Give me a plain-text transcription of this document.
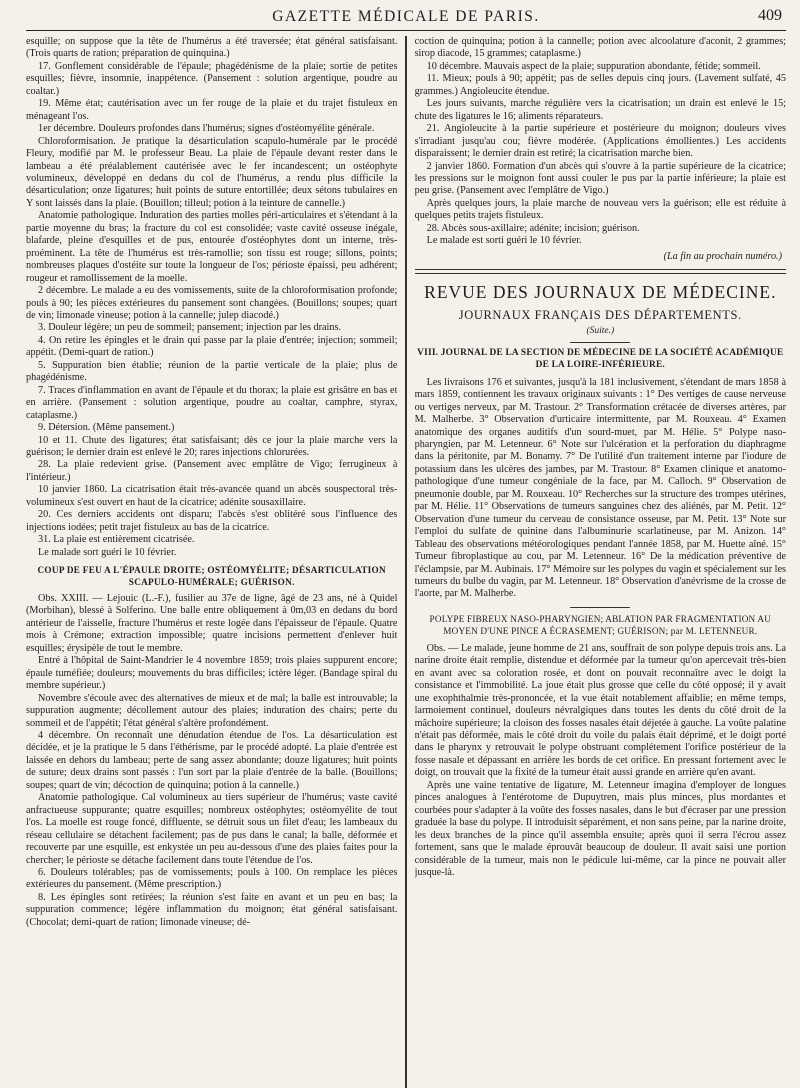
GAZETTE MÉDICALE DE PARIS.	409

esquille; on suppose que la tête de l'humérus a été traversée; état général satisfaisant. (Trois quarts de ration; préparation de quinquina.)

17. Gonflement considérable de l'épaule; phagédénisme de la plaie; sortie de petites esquilles; fièvre, insomnie, inappétence. (Pansement : solution argentique, poudre au coaltar.)

19. Même état; cautérisation avec un fer rouge de la plaie et du trajet fistuleux en ménageant l'os.

1er décembre. Douleurs profondes dans l'humérus; signes d'ostéomyélite générale.

Chloroformisation. Je pratique la désarticulation scapulo-humérale par le procédé Fleury, modifié par M. le professeur Beau. La plaie de l'épaule devant rester dans le lambeau a été préalablement cautérisée avec le fer incandescent; un ostéophyte volumineux, développé en dedans du col de l'humérus, a rendu plus difficile la désarticulation; onze ligatures; huit points de suture entortillée; deux sétons tubulaires en Y sont laissés dans la plaie. (Bouillon; tilleul; potion à la teinture de cannelle.)

Anatomie pathologique. Induration des parties molles péri-articulaires et s'étendant à la partie moyenne du bras; la fracture du col est consolidée; vaste cavité osseuse inégale, blafarde, pleine d'esquilles et de pus, entourée d'ostéophytes dont un interne, très-proéminent. La tête de l'humérus est très-ramollie; son tissu est rouge; sillons, points; nombreuses plaques d'ostéite sur toute la longueur de l'os; périoste épaissi, peu adhérent; rougeur et ramollissement de la moelle.

2 décembre. Le malade a eu des vomissements, suite de la chloroformisation profonde; pouls à 90; les pièces extérieures du pansement sont changées. (Bouillons; soupes; quart de vin; limonade vineuse; potion à la cannelle; julep diacodé.)

3. Douleur légère; un peu de sommeil; pansement; injection par les drains.

4. On retire les épingles et le drain qui passe par la plaie d'entrée; injection; sommeil; appétit. (Demi-quart de ration.)

5. Suppuration bien établie; réunion de la partie verticale de la plaie; plus de phagédénisme.

7. Traces d'inflammation en avant de l'épaule et du thorax; la plaie est grisâtre en bas et en arrière. (Pansement : solution argentique, poudre au coaltar, camphre, styrax, cataplasme.)

9. Détersion. (Même pansement.)

10 et 11. Chute des ligatures; état satisfaisant; dès ce jour la plaie marche vers la guérison; le dernier drain est enlevé le 20; rares injections chlorurées.

28. La plaie redevient grise. (Pansement avec emplâtre de Vigo; ferrugineux à l'intérieur.)

10 janvier 1860. La cicatrisation était très-avancée quand un abcès souspectoral très-volumineux s'est ouvert en haut de la cicatrice; adénite sousaxillaire.

20. Ces derniers accidents ont disparu; l'abcès s'est oblitéré sous l'influence des injections iodées; petit trajet fistuleux au bas de la cicatrice.

31. La plaie est entièrement cicatrisée.

Le malade sort guéri le 10 février.

COUP DE FEU A L'ÉPAULE DROITE; OSTÉOMYÉLITE; DÉSARTICULATION SCAPULO-HUMÉRALE; GUÉRISON.

Obs. XXIII. — Lejouic (L.-F.), fusilier au 37e de ligne, âgé de 23 ans, né à Quidel (Morbihan), blessé à Solferino. Une balle entre obliquement à 0m,03 en dedans du bord antérieur de l'aisselle, fracture l'humérus et reste logée dans l'épaisseur de l'épaule. Quatre mois à Crémone; extraction impossible; quatre incisions permettent d'enlever huit esquilles; érysipèle de tout le membre.

Entré à l'hôpital de Saint-Mandrier le 4 novembre 1859; trois plaies suppurent encore; épaule tuméfiée; douleurs; mouvements du bras difficiles; ictère léger. (Bandage spiral du membre supérieur.)

Novembre s'écoule avec des alternatives de mieux et de mal; la balle est introuvable; la suppuration augmente; décollement autour des plaies; induration des chairs; perte du sommeil et de l'appétit; l'état général s'altère profondément.

4 décembre. On reconnaît une dénudation étendue de l'os. La désarticulation est décidée, et je la pratique le 5 dans l'éthérisme, par le procédé adopté. La plaie d'entrée est laissée en dehors du lambeau; perte de sang assez abondante; douze ligatures; huit points de suture; deux drains sont passés : l'un sort par la plaie d'entrée de la balle. (Bouillons; soupes; quart de vin; décoction de quinquina; potion à la cannelle.)

Anatomie pathologique. Cal volumineux au tiers supérieur de l'humérus; vaste cavité anfractueuse suppurante; quatre esquilles; nombreux ostéophytes; ostéomyélite de tout l'os. La moelle est rouge foncé, diffluente, se détruit sous un filet d'eau; les lambeaux du réseau cellulaire se détachent facilement; pas de pus dans le canal; la balle, déformée et recouverte par une esquille, est enkystée un peu au-dessous d'une des plaies faites pour la chercher; le périoste se détache facilement dans toute l'étendue de l'os.

6. Douleurs tolérables; pas de vomissements; pouls à 100. On remplace les pièces extérieures du pansement. (Même prescription.)

8. Les épingles sont retirées; la réunion s'est faite en avant et un peu en bas; la suppuration commence; légère inflammation du moignon; état général satisfaisant. (Chocolat; demi-quart de ration; limonade vineuse; dé-

coction de quinquina; potion à la cannelle; potion avec alcoolature d'aconit, 2 grammes; sirop diacode, 15 grammes; cataplasme.)

10 décembre. Mauvais aspect de la plaie; suppuration abondante, fétide; sommeil.

11. Mieux; pouls à 90; appétit; pas de selles depuis cinq jours. (Lavement sulfaté, 45 grammes.) Angioleucite étendue.

Les jours suivants, marche régulière vers la cicatrisation; un drain est enlevé le 15; chute des ligatures le 16; aliments réparateurs.

21. Angioleucite à la partie supérieure et postérieure du moignon; douleurs vives s'irradiant jusqu'au cou; fièvre modérée. (Applications émollientes.) Les accidents disparaissent; le dernier drain est retiré; la cicatrisation marche bien.

2 janvier 1860. Formation d'un abcès qui s'ouvre à la partie supérieure de la cicatrice; les pressions sur le moignon font aussi couler le pus par la partie inférieure; la plaie est peu grise. (Pansement avec l'emplâtre de Vigo.)

Après quelques jours, la plaie marche de nouveau vers la guérison; elle est réduite à quelques petits trajets fistuleux.

28. Abcès sous-axillaire; adénite; incision; guérison.

Le malade est sorti guéri le 10 février.

(La fin au prochain numéro.)
REVUE DES JOURNAUX DE MÉDECINE.
JOURNAUX FRANÇAIS DES DÉPARTEMENTS.
(Suite.)
VIII. JOURNAL DE LA SECTION DE MÉDECINE DE LA SOCIÉTÉ ACADÉMIQUE DE LA LOIRE-INFÉRIEURE.

Les livraisons 176 et suivantes, jusqu'à la 181 inclusivement, s'étendant de mars 1858 à mars 1859, contiennent les travaux originaux suivants : 1° Des vertiges de cause nerveuse ou vertiges nerveux, par M. Trastour. 2° Transformation crétacée de diverses artères, par M. Malherbe. 3° Observation d'urticaire intermittente, par M. Rouxeau. 4° Examen anatomique des organes auditifs d'un sourd-muet, par M. Hélie. 5° Polype naso-pharyngien, par M. Letenneur. 6° Note sur l'ulcération et la perforation du diaphragme dans la péritonite, par M. Bonamy. 7° De l'utilité d'un traitement interne par l'iodure de potassium dans les ulcères des jambes, par M. Trastour. 8° Examen clinique et anatomo-pathologique d'une tumeur congéniale de la face, par M. Calloch. 9° Observation de pneumonie double, par M. Rouxeau. 10° Recherches sur la structure des trompes utérines, par M. Hélie. 11° Observations de tumeurs sanguines chez des aliénés, par M. Petit. 12° Observation d'une tumeur du cerveau de consistance osseuse, par M. Petit. 13° Note sur l'emploi du sulfate de quinine dans l'albuminurie scarlatineuse, par M. Anizon. 14° Tableau des observations météorologiques pendant l'année 1858, par M. Huette aîné. 15° Tumeur fibroplastique au cou, par M. Letenneur. 16° De la médication préventive de l'éclampsie, par M. Aubinais. 17° Mémoire sur les polypes du vagin et spécialement sur les tumeurs du bulbe du vagin, par M. Letenneur. 18° Observation d'anévrisme de la crosse de l'aorte, par M. Malherbe.

POLYPE FIBREUX NASO-PHARYNGIEN; ABLATION PAR FRAGMENTATION AU MOYEN D'UNE PINCE A ÉCRASEMENT; GUÉRISON; par M. LETENNEUR.

Obs. — Le malade, jeune homme de 21 ans, souffrait de son polype depuis trois ans. La narine droite était remplie, distendue et déformée par la tumeur qu'on apercevait très-bien en avant avec sa coloration rosée, et dont on pouvait reconnaître avec le doigt la consistance et l'immobilité. La joue était plus grosse que celle du côté opposé; il y avait une exophthalmie très-prononcée, et la vue était notablement affaiblie; en même temps, larmoiement continuel, douleurs névralgiques dans toutes les dents du côté droit de la mâchoire supérieure; la cloison des fosses nasales était déjetée à gauche. La voûte palatine n'était pas déformée, mais le côté droit du voile du palais était déprimé, et le doigt porté dans le pharynx y retrouvait le polype obstruant complétement l'orifice postérieur de la fosse nasale et dépassant en arrière les bords de cet orifice. En pressant fortement avec le doigt, on trouvait que la fixité de la tumeur était aussi grande en arrière qu'en avant.

Après une vaine tentative de ligature, M. Letenneur imagina d'employer de longues pinces analogues à l'entérotome de Dupuytren, mais plus minces, plus mordantes et courbées pour s'adapter à la voûte des fosses nasales, dans le but d'écraser par une pression graduée la base du polype. Il introduisit séparément, et non sans peine, par la narine droite, les deux branches de la pince qu'il assembla ensuite; après quoi il serra l'écrou assez fortement, sans que le malade éprouvât beaucoup de douleur. Il avait saisi une portion considérable de la tumeur, mais non le pédicule lui-même, car la pince ne pouvait aller jusque-là.
